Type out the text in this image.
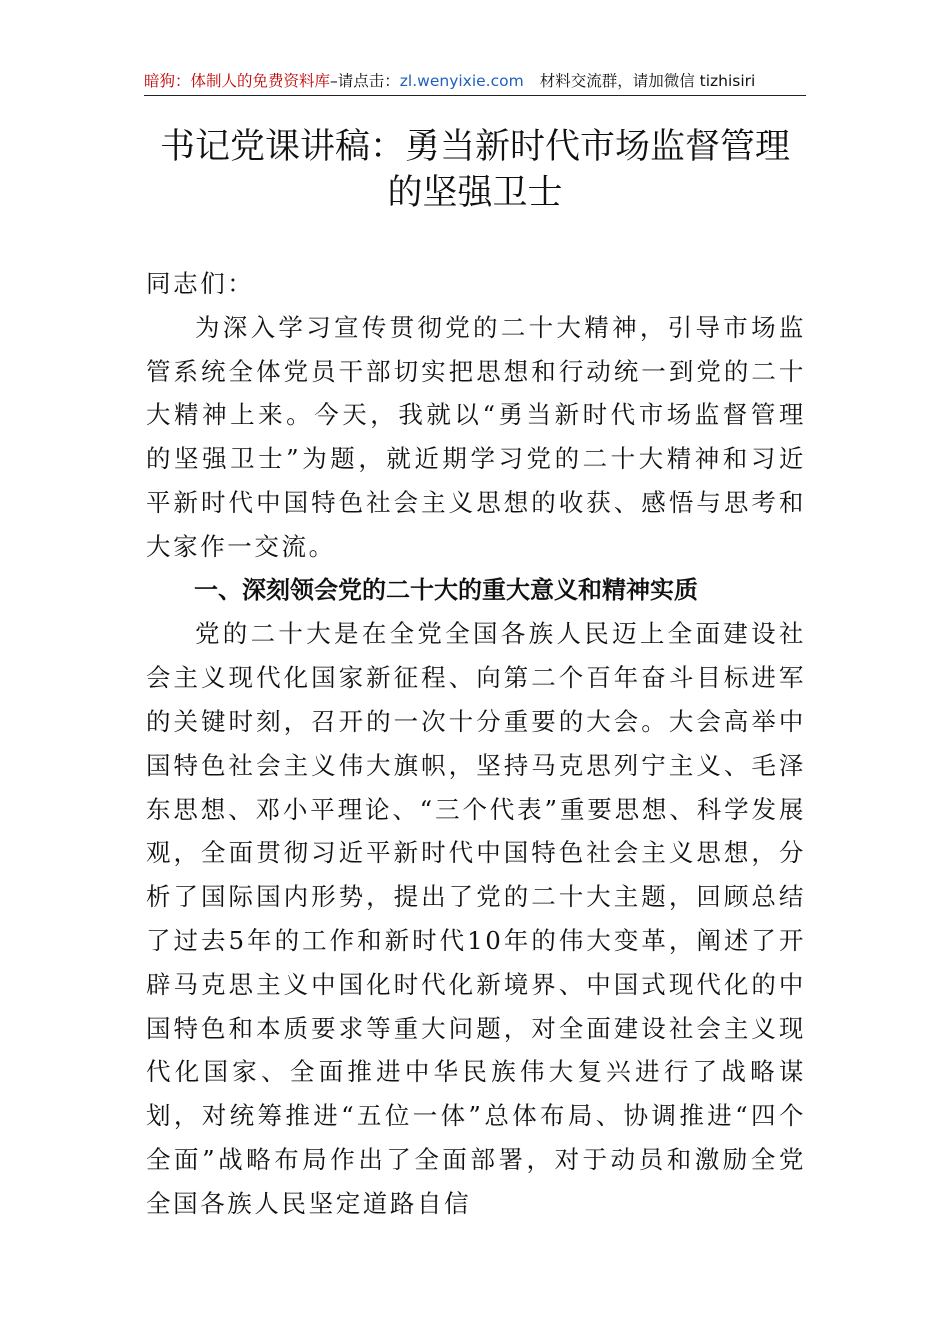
暗狗：体制人的免费资料库–请点击：zl.wenyixie.com 材料交流群，请加微信 tizhisiri
书记党课讲稿：勇当新时代市场监督管理
的坚强卫士

同志们：

为深入学习宣传贯彻党的二十大精神，引导市场监管系统全体党员干部切实把思想和行动统一到党的二十大精神上来。今天，我就以“勇当新时代市场监督管理的坚强卫士”为题，就近期学习党的二十大精神和习近平新时代中国特色社会主义思想的收获、感悟与思考和大家作一交流。

一、深刻领会党的二十大的重大意义和精神实质

党的二十大是在全党全国各族人民迈上全面建设社会主义现代化国家新征程、向第二个百年奋斗目标进军的关键时刻，召开的一次十分重要的大会。大会高举中国特色社会主义伟大旗帜，坚持马克思列宁主义、毛泽东思想、邓小平理论、“三个代表”重要思想、科学发展观，全面贯彻习近平新时代中国特色社会主义思想，分析了国际国内形势，提出了党的二十大主题，回顾总结了过去5年的工作和新时代10年的伟大变革，阐述了开辟马克思主义中国化时代化新境界、中国式现代化的中国特色和本质要求等重大问题，对全面建设社会主义现代化国家、全面推进中华民族伟大复兴进行了战略谋划，对统筹推进“五位一体”总体布局、协调推进“四个全面”战略布局作出了全面部署，对于动员和激励全党全国各族人民坚定道路自信
